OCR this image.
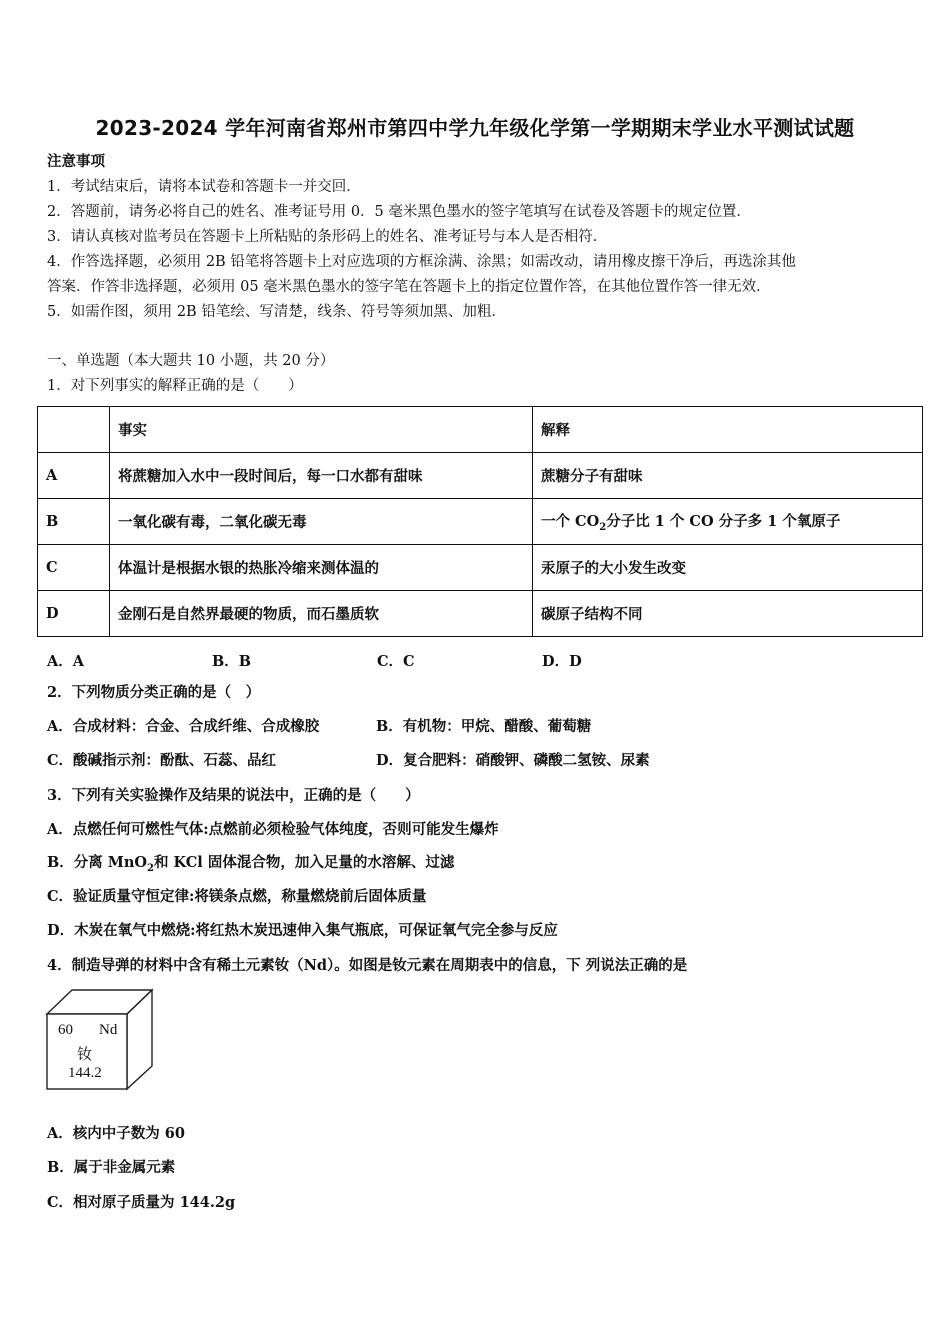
2023-2024 学年河南省郑州市第四中学九年级化学第一学期期末学业水平测试试题
注意事项
1．考试结束后，请将本试卷和答题卡一并交回．
2．答题前，请务必将自己的姓名、准考证号用 0．5 毫米黑色墨水的签字笔填写在试卷及答题卡的规定位置．
3．请认真核对监考员在答题卡上所粘贴的条形码上的姓名、准考证号与本人是否相符．
4．作答选择题，必须用 2B 铅笔将答题卡上对应选项的方框涂满、涂黑；如需改动，请用橡皮擦干净后，再选涂其他
答案．作答非选择题，必须用 05 毫米黑色墨水的签字笔在答题卡上的指定位置作答，在其他位置作答一律无效．
5．如需作图，须用 2B 铅笔绘、写清楚，线条、符号等须加黑、加粗．
一、单选题（本大题共 10 小题，共 20 分）
1．对下列事实的解释正确的是（　　）
	事实	解释
A	将蔗糖加入水中一段时间后，每一口水都有甜味	蔗糖分子有甜味
B	一氧化碳有毒，二氧化碳无毒	一个 $CO_2$分子比 1 个 CO 分子多 1 个氧原子
C	体温计是根据水银的热胀冷缩来测体温的	汞原子的大小发生改变
D	金刚石是自然界最硬的物质，而石墨质软	碳原子结构不同
A．A	B．B	C．C	D．D
2．下列物质分类正确的是（　）
A．合成材料：合金、合成纤维、合成橡胶	B．有机物：甲烷、醋酸、葡萄糖
C．酸碱指示剂：酚酞、石蕊、品红	D．复合肥料：硝酸钾、磷酸二氢铵、尿素
3．下列有关实验操作及结果的说法中，正确的是（　　）
A．点燃任何可燃性气体:点燃前必须检验气体纯度，否则可能发生爆炸
B．分离 MnO$_2$和 KCl 固体混合物，加入足量的水溶解、过滤
C．验证质量守恒定律:将镁条点燃，称量燃烧前后固体质量
D．木炭在氧气中燃烧:将红热木炭迅速伸入集气瓶底，可保证氧气完全参与反应
4．制造导弹的材料中含有稀土元素钕（Nd）。如图是钕元素在周期表中的信息，下 列说法正确的是
60 Nd
钕
144.2
A．核内中子数为 60
B．属于非金属元素
C．相对原子质量为 144.2g
